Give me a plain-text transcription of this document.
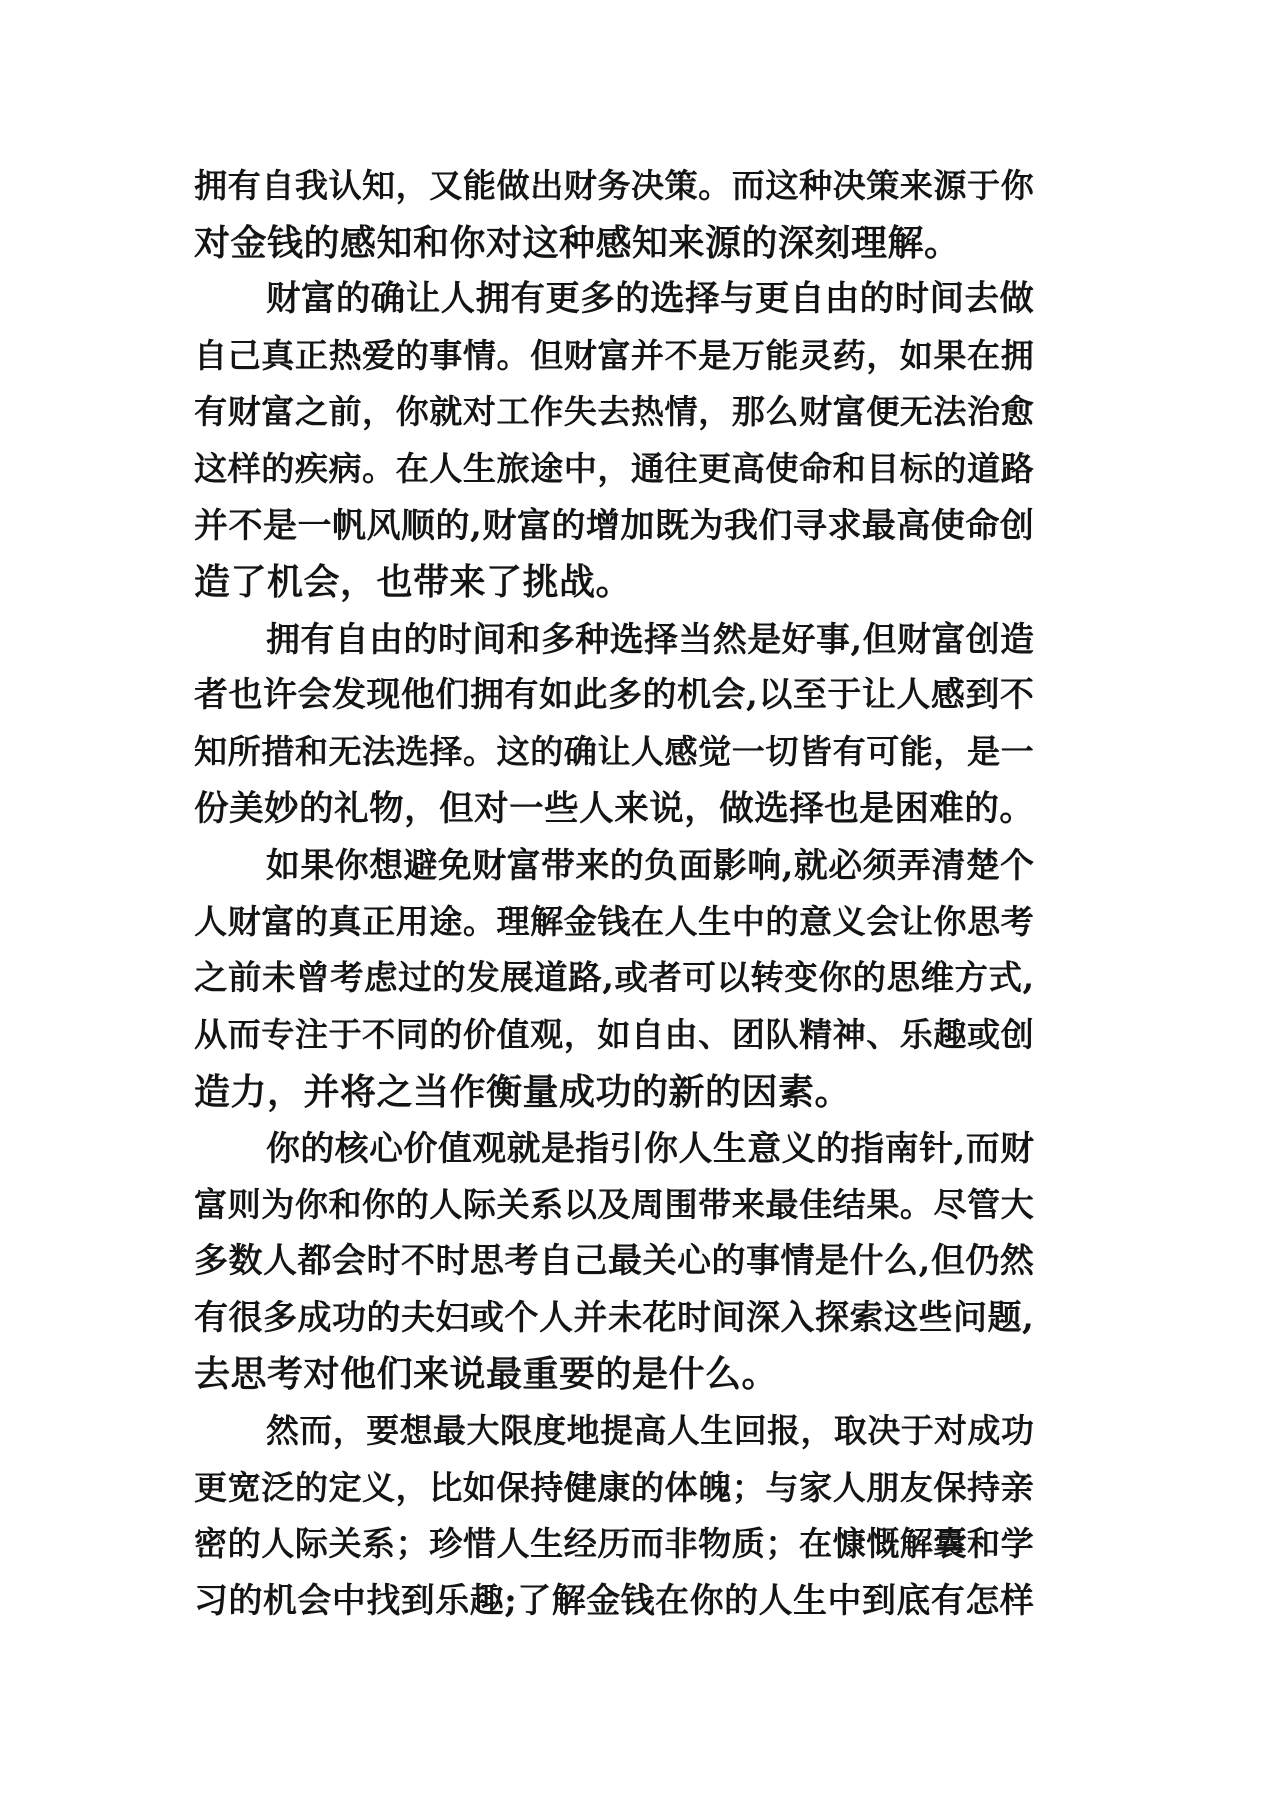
拥有自我认知，又能做出财务决策。而这种决策来源于你
对金钱的感知和你对这种感知来源的深刻理解。
财富的确让人拥有更多的选择与更自由的时间去做
自己真正热爱的事情。但财富并不是万能灵药，如果在拥
有财富之前，你就对工作失去热情，那么财富便无法治愈
这样的疾病。在人生旅途中，通往更高使命和目标的道路
并不是一帆风顺的,财富的增加既为我们寻求最高使命创
造了机会，也带来了挑战。
拥有自由的时间和多种选择当然是好事,但财富创造
者也许会发现他们拥有如此多的机会,以至于让人感到不
知所措和无法选择。这的确让人感觉一切皆有可能，是一
份美妙的礼物，但对一些人来说，做选择也是困难的。
如果你想避免财富带来的负面影响,就必须弄清楚个
人财富的真正用途。理解金钱在人生中的意义会让你思考
之前未曾考虑过的发展道路,或者可以转变你的思维方式,
从而专注于不同的价值观，如自由、团队精神、乐趣或创
造力，并将之当作衡量成功的新的因素。
你的核心价值观就是指引你人生意义的指南针,而财
富则为你和你的人际关系以及周围带来最佳结果。尽管大
多数人都会时不时思考自己最关心的事情是什么,但仍然
有很多成功的夫妇或个人并未花时间深入探索这些问题,
去思考对他们来说最重要的是什么。
然而，要想最大限度地提高人生回报，取决于对成功
更宽泛的定义，比如保持健康的体魄；与家人朋友保持亲
密的人际关系；珍惜人生经历而非物质；在慷慨解囊和学
习的机会中找到乐趣;了解金钱在你的人生中到底有怎样
